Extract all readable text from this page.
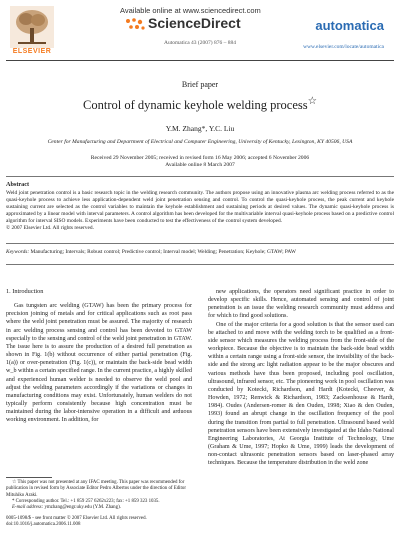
ELSEVIER
Available online at www.sciencedirect.com
ScienceDirect	automatica
Automatica 43 (2007) 876 – 884
www.elsevier.com/locate/automatica
Brief paper
Control of dynamic keyhole welding process☆
Y.M. Zhang*, Y.C. Liu
Center for Manufacturing and Department of Electrical and Computer Engineering, University of Kentucky, Lexington, KY 40506, USA
Received 29 November 2005; received in revised form 16 May 2006; accepted 6 November 2006
Available online 8 March 2007
Abstract
Weld joint penetration control is a basic research topic in the welding research community. The authors propose using an innovative plasma arc welding process referred to as the quasi-keyhole process to achieve less application-dependent weld joint penetration sensing and control. To control the quasi-keyhole process, the peak current and keyhole sustaining current are selected as the control variables to maintain the keyhole establishment and sustaining periods at desired values. The dynamic quasi-keyhole process is approximated by a linear model with interval parameters. A control algorithm has been developed for the multivariable interval quasi-keyhole process based on a predictive control algorithm for interval SISO models. Experiments have been conducted to test the effectiveness of the control system developed.
© 2007 Elsevier Ltd. All rights reserved.
Keywords: Manufacturing; Intervals; Robust control; Predictive control; Interval model; Welding; Penetration; Keyhole; GTAW; PAW
1. Introduction

Gas tungsten arc welding (GTAW) has been the primary process for precision joining of metals and for critical applications such as root pass where the weld joint penetration must be assured. The majority of research in arc welding process sensing and control has been devoted to GTAW especially to the sensing and control of the weld joint penetration in GTAW. The issue here is to assure the production of a desired full penetration as shown in Fig. 1(b) without occurrence of either partial penetration (Fig. 1(a)) or over-penetration (Fig. 1(c)), or maintain the back-side bead width w_b within a certain specified range. In the current practice, a highly skilled and experienced human welder is needed to observe the weld pool and adjust the welding parameters accordingly if the variations or changes in manufacturing conditions may exist. Unfortunately, human welders do not typically perform consistently because high concentration must be maintained during the labor-intensive operation in a difficult and arduous working environment. In addition, for

new applications, the operators need significant practice in order to develop specific skills. Hence, automated sensing and control of joint penetration is an issue the welding research community must address and for which to find good solutions.

One of the major criteria for a good solution is that the sensor used can be attached to and move with the welding torch to be qualified as a front-side sensor which measures the welding process from the front-side of the workpiece. Because the objective is to maintain the back-side bead width within a certain range using a front-side sensor, the invisibility of the back-side and the strong arc light radiation appear to be the major obscures and various methods have thus been proposed, including pool oscillation, ultrasound, infrared sensor, etc. The pioneering work in pool oscillation was conducted by Kotecki, Richardson, and Hardt (Kotecki, Cheever, & Howden, 1972; Renwick & Richardson, 1983; Zacksenhouse & Hardt, 1984). Oudes (Andersen-romer & den Ouden, 1998; Xiao & den Ouden, 1993) found an abrupt change in the oscillation frequency of the pool during the transition from partial to full penetration. Ultrasound based weld penetration sensors have been extensively investigated at the Idaho National Engineering Laboratories, At Georgia Institute of Technology, Ume (Graham & Ume, 1997; Hopko & Ume, 1999) leads the development of non-contact ultrasonic penetration sensors based on laser-phased array techniques. Because the temperature distribution in the weld zone

☆ This paper was not presented at any IFAC meeting. This paper was recommended for publication in revised form by Associate Editor Pedro Albertos under the direction of Editor Mituhiko Araki.

* Corresponding author. Tel.: +1 859 257 6262x223; fax: +1 859 323 1035.

E-mail address: ymzhang@engr.uky.edu (Y.M. Zhang).

0005-1098/$ - see front matter © 2007 Elsevier Ltd. All rights reserved.
doi:10.1016/j.automatica.2006.11.008
